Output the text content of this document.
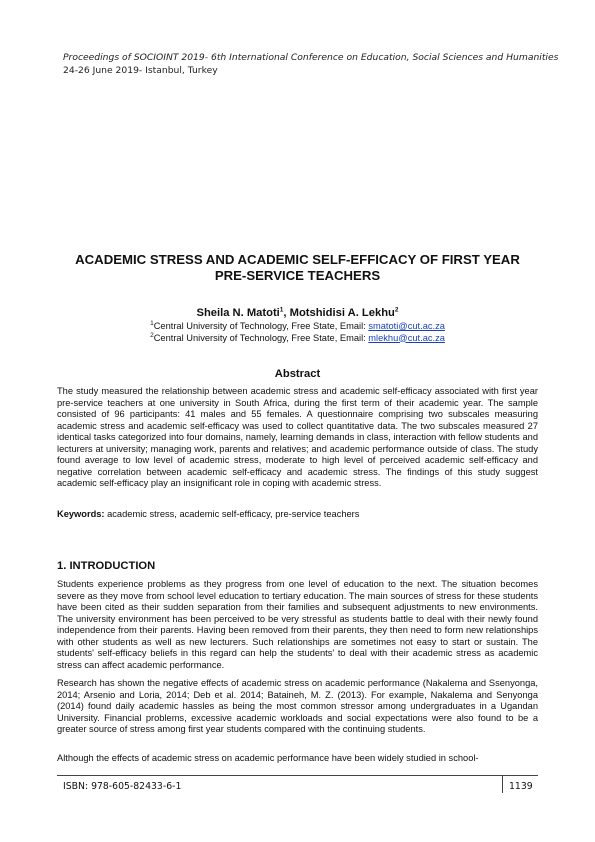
Proceedings of SOCIOINT 2019- 6th International Conference on Education, Social Sciences and Humanities
24-26 June 2019- Istanbul, Turkey
ACADEMIC STRESS AND ACADEMIC SELF-EFFICACY OF FIRST YEAR
PRE-SERVICE TEACHERS
Sheila N. Matoti$^1$, Motshidisi A. Lekhu$^2$
$^1$Central University of Technology, Free State, Email: smatoti@cut.ac.za
$^2$Central University of Technology, Free State, Email: mlekhu@cut.ac.za
Abstract
The study measured the relationship between academic stress and academic self-efficacy associated with first year pre-service teachers at one university in South Africa, during the first term of their academic year. The sample consisted of 96 participants: 41 males and 55 females. A questionnaire comprising two subscales measuring academic stress and academic self-efficacy was used to collect quantitative data. The two subscales measured 27 identical tasks categorized into four domains, namely, learning demands in class, interaction with fellow students and lecturers at university; managing work, parents and relatives; and academic performance outside of class. The study found average to low level of academic stress, moderate to high level of perceived academic self-efficacy and negative correlation between academic self-efficacy and academic stress. The findings of this study suggest academic self-efficacy play an insignificant role in coping with academic stress.
Keywords: academic stress, academic self-efficacy, pre-service teachers
1. INTRODUCTION
Students experience problems as they progress from one level of education to the next. The situation becomes severe as they move from school level education to tertiary education. The main sources of stress for these students have been cited as their sudden separation from their families and subsequent adjustments to new environments. The university environment has been perceived to be very stressful as students battle to deal with their newly found independence from their parents. Having been removed from their parents, they then need to form new relationships with other students as well as new lecturers. Such relationships are sometimes not easy to start or sustain. The students' self-efficacy beliefs in this regard can help the students' to deal with their academic stress as academic stress can affect academic performance.
Research has shown the negative effects of academic stress on academic performance (Nakalema and Ssenyonga, 2014; Arsenio and Loria, 2014; Deb et al. 2014; Bataineh, M. Z. (2013). For example, Nakalema and Senyonga (2014) found daily academic hassles as being the most common stressor among undergraduates in a Ugandan University. Financial problems, excessive academic workloads and social expectations were also found to be a greater source of stress among first year students compared with the continuing students.
Although the effects of academic stress on academic performance have been widely studied in school-
ISBN: 978-605-82433-6-1	1139
